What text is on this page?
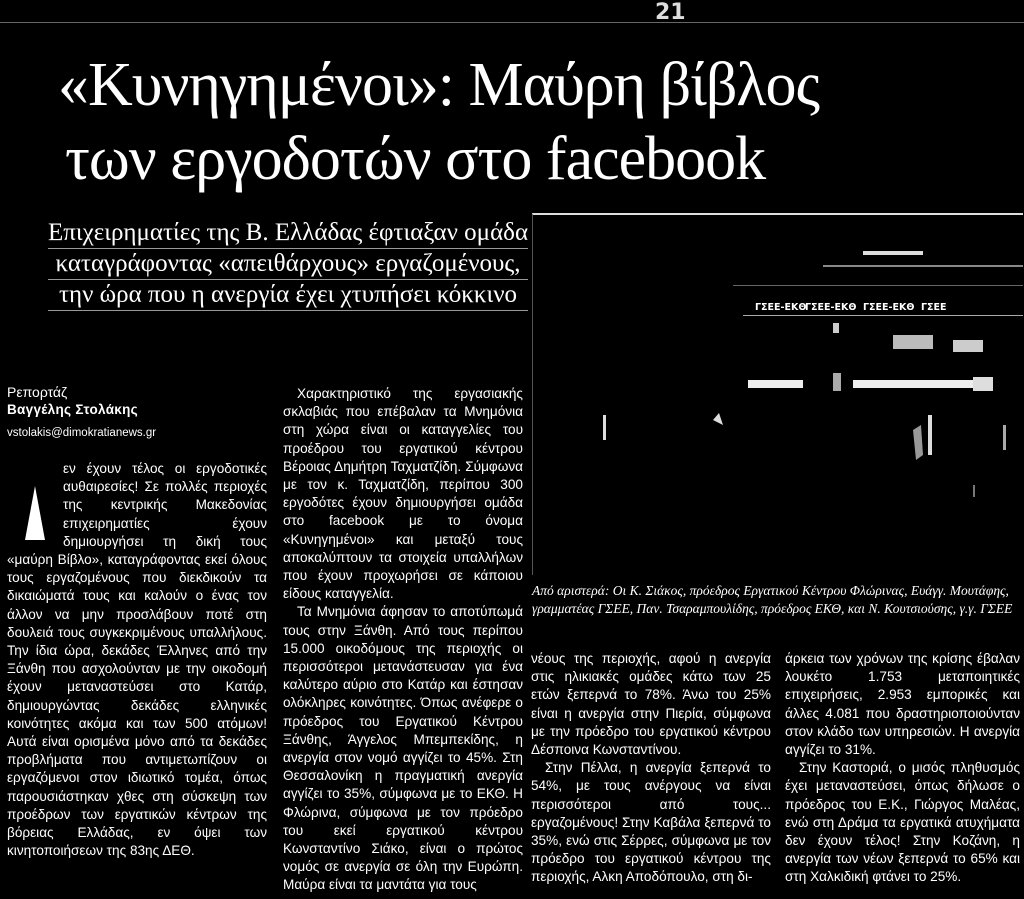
21
«Κυνηγημένοι»: Μαύρη βίβλος
των εργοδοτών στο facebook
Επιχειρηματίες της Β. Ελλάδας έφτιαξαν ομάδα
καταγράφοντας «απειθάρχους» εργαζομένους,
την ώρα που η ανεργία έχει χτυπήσει κόκκινο	ΓΣΕΕ-ΕΚΘ
ΓΣΕΕ-ΕΚΘ ΓΣΕΕ-ΕΚΘ ΓΣΕΕ
Από αριστερά: Οι Κ. Σιάκος, πρόεδρος Εργατικού Κέντρου Φλώρινας, Ευάγγ. Μουτάφης, γραμματέας ΓΣΕΕ, Παν. Τσαραμπουλίδης, πρόεδρος ΕΚΘ, και Ν. Κουτσιούσης, γ.γ. ΓΣΕΕ
Ρεπορτάζ
Βαγγέλης Στολάκης
vstolakis@dimokratianews.gr

εν έχουν τέλος οι εργοδοτικές αυθαιρεσίες! Σε πολλές περιοχές της κεντρικής Μακεδονίας επιχειρηματίες έχουν δημιουργήσει τη δική τους «μαύρη Βίβλο», καταγράφοντας εκεί όλους τους εργαζομένους που διεκδικούν τα δικαιώματά τους και καλούν ο ένας τον άλλον να μην προσλάβουν ποτέ στη δουλειά τους συγκεκριμένους υπαλλήλους. Την ίδια ώρα, δεκάδες Έλληνες από την Ξάνθη που ασχολούνταν με την οικοδομή έχουν μεταναστεύσει στο Κατάρ, δημιουργώντας δεκάδες ελληνικές κοινότητες ακόμα και των 500 ατόμων! Αυτά είναι ορισμένα μόνο από τα δεκάδες προβλήματα που αντιμετωπίζουν οι εργαζόμενοι στον ιδιωτικό τομέα, όπως παρουσιάστηκαν χθες στη σύσκεψη των προέδρων των εργατικών κέντρων της βόρειας Ελλάδας, εν όψει των κινητοποιήσεων της 83ης ΔΕΘ.

Χαρακτηριστικό της εργασιακής σκλαβιάς που επέβαλαν τα Μνημόνια στη χώρα είναι οι καταγγελίες του προέδρου του εργατικού κέντρου Βέροιας Δημήτρη Ταχματζίδη. Σύμφωνα με τον κ. Ταχματζίδη, περίπου 300 εργοδότες έχουν δημιουργήσει ομάδα στο facebook με το όνομα «Κυνηγημένοι» και μεταξύ τους αποκαλύπτουν τα στοιχεία υπαλλήλων που έχουν προχωρήσει σε κάποιου είδους καταγγελία.

Τα Μνημόνια άφησαν το αποτύπωμά τους στην Ξάνθη. Από τους περίπου 15.000 οικοδόμους της περιοχής οι περισσότεροι μετανάστευσαν για ένα καλύτερο αύριο στο Κατάρ και έστησαν ολόκληρες κοινότητες. Όπως ανέφερε ο πρόεδρος του Εργατικού Κέντρου Ξάνθης, Άγγελος Μπεμπεκίδης, η ανεργία στον νομό αγγίζει το 45%. Στη Θεσσαλονίκη η πραγματική ανεργία αγγίζει το 35%, σύμφωνα με το ΕΚΘ. Η Φλώρινα, σύμφωνα με τον πρόεδρο του εκεί εργατικού κέντρου Κωνσταντίνο Σιάκο, είναι ο πρώτος νομός σε ανεργία σε όλη την Ευρώπη. Μαύρα είναι τα μαντάτα για τους

νέους της περιοχής, αφού η ανεργία στις ηλικιακές ομάδες κάτω των 25 ετών ξεπερνά το 78%. Άνω του 25% είναι η ανεργία στην Πιερία, σύμφωνα με την πρόεδρο του εργατικού κέντρου Δέσποινα Κωνσταντίνου.

Στην Πέλλα, η ανεργία ξεπερνά το 54%, με τους ανέργους να είναι περισσότεροι από τους... εργαζομένους! Στην Καβάλα ξεπερνά το 35%, ενώ στις Σέρρες, σύμφωνα με τον πρόεδρο του εργατικού κέντρου της περιοχής, Αλκη Αποδόπουλο, στη δι-

άρκεια των χρόνων της κρίσης έβαλαν λουκέτο 1.753 μεταποιητικές επιχειρήσεις, 2.953 εμπορικές και άλλες 4.081 που δραστηριοποιούνταν στον κλάδο των υπηρεσιών. Η ανεργία αγγίζει το 31%.

Στην Καστοριά, ο μισός πληθυσμός έχει μεταναστεύσει, όπως δήλωσε ο πρόεδρος του Ε.Κ., Γιώργος Μαλέας, ενώ στη Δράμα τα εργατικά ατυχήματα δεν έχουν τέλος! Στην Κοζάνη, η ανεργία των νέων ξεπερνά το 65% και στη Χαλκιδική φτάνει το 25%.
